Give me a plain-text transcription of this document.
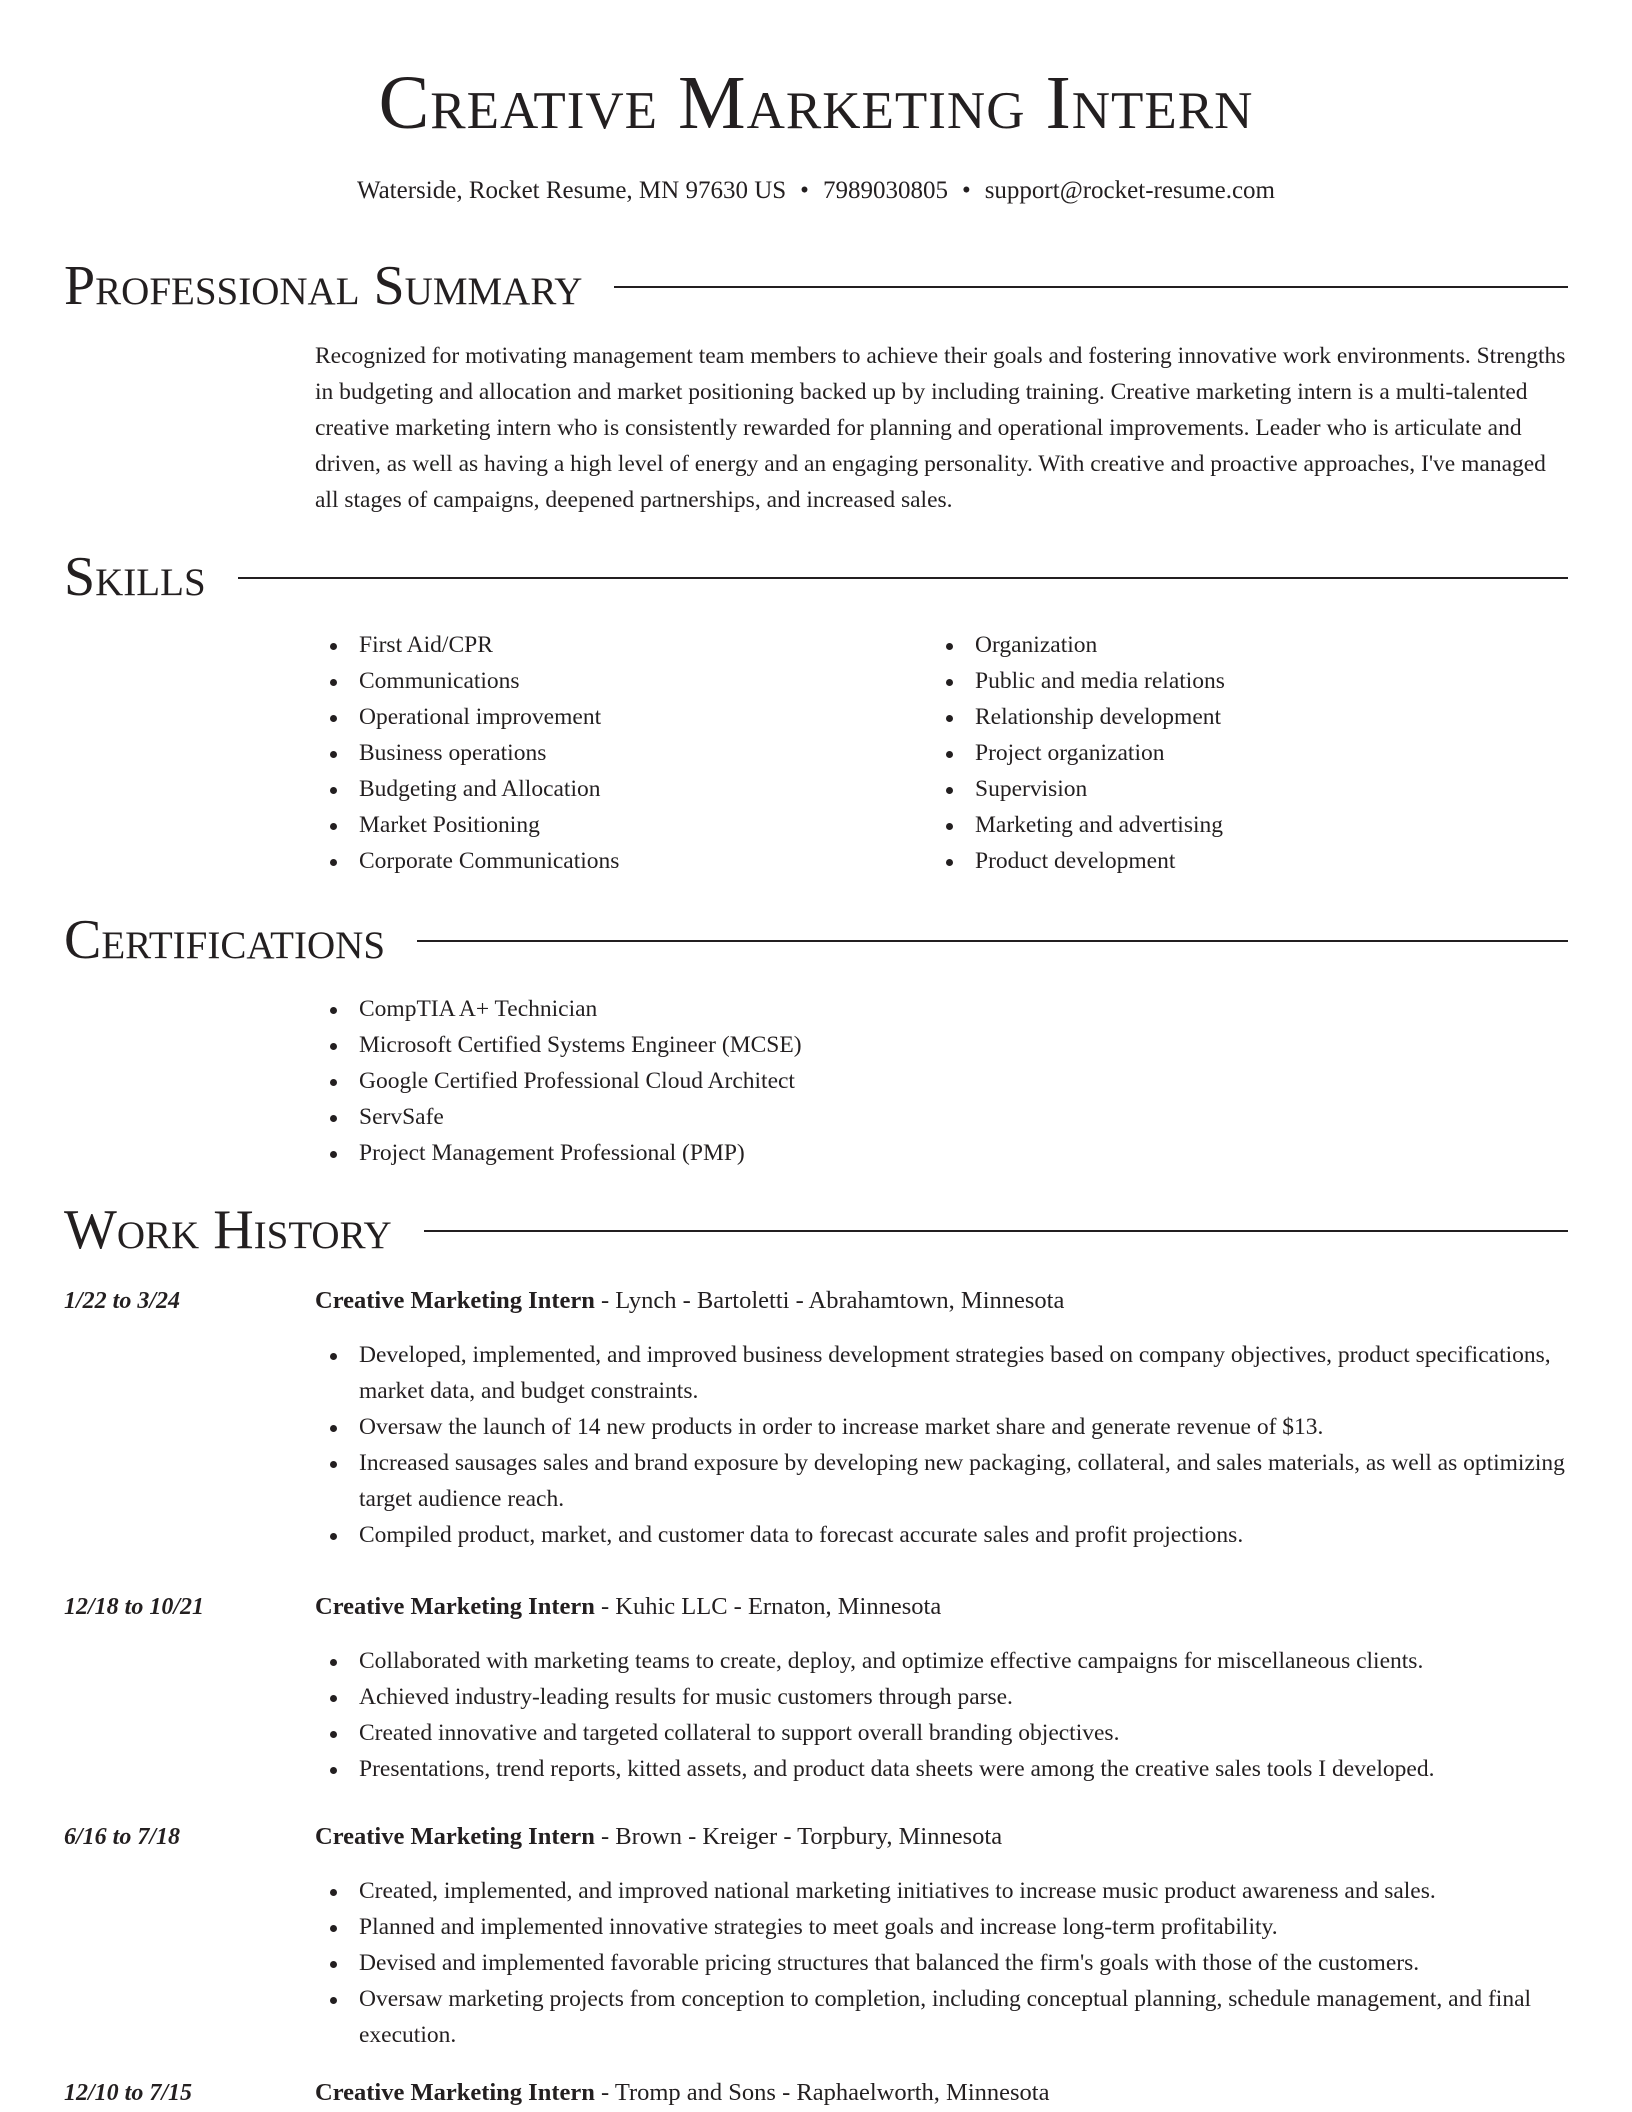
Creative Marketing Intern
Waterside, Rocket Resume, MN 97630 US • 7989030805 • support@rocket-resume.com
Professional Summary
Recognized for motivating management team members to achieve their goals and fostering innovative work environments. Strengths in budgeting and allocation and market positioning backed up by including training. Creative marketing intern is a multi-talented creative marketing intern who is consistently rewarded for planning and operational improvements. Leader who is articulate and driven, as well as having a high level of energy and an engaging personality. With creative and proactive approaches, I've managed all stages of campaigns, deepened partnerships, and increased sales.
Skills
First Aid/CPR
Communications
Operational improvement
Business operations
Budgeting and Allocation
Market Positioning
Corporate Communications
Organization
Public and media relations
Relationship development
Project organization
Supervision
Marketing and advertising
Product development
Certifications
CompTIA A+ Technician
Microsoft Certified Systems Engineer (MCSE)
Google Certified Professional Cloud Architect
ServSafe
Project Management Professional (PMP)
Work History
1/22 to 3/24	Creative Marketing Intern - Lynch - Bartoletti - Abrahamtown, Minnesota
Developed, implemented, and improved business development strategies based on company objectives, product specifications, market data, and budget constraints.
Oversaw the launch of 14 new products in order to increase market share and generate revenue of $13.
Increased sausages sales and brand exposure by developing new packaging, collateral, and sales materials, as well as optimizing target audience reach.
Compiled product, market, and customer data to forecast accurate sales and profit projections.
12/18 to 10/21	Creative Marketing Intern - Kuhic LLC - Ernaton, Minnesota
Collaborated with marketing teams to create, deploy, and optimize effective campaigns for miscellaneous clients.
Achieved industry-leading results for music customers through parse.
Created innovative and targeted collateral to support overall branding objectives.
Presentations, trend reports, kitted assets, and product data sheets were among the creative sales tools I developed.
6/16 to 7/18	Creative Marketing Intern - Brown - Kreiger - Torpbury, Minnesota
Created, implemented, and improved national marketing initiatives to increase music product awareness and sales.
Planned and implemented innovative strategies to meet goals and increase long-term profitability.
Devised and implemented favorable pricing structures that balanced the firm's goals with those of the customers.
Oversaw marketing projects from conception to completion, including conceptual planning, schedule management, and final execution.
12/10 to 7/15	Creative Marketing Intern - Tromp and Sons - Raphaelworth, Minnesota
